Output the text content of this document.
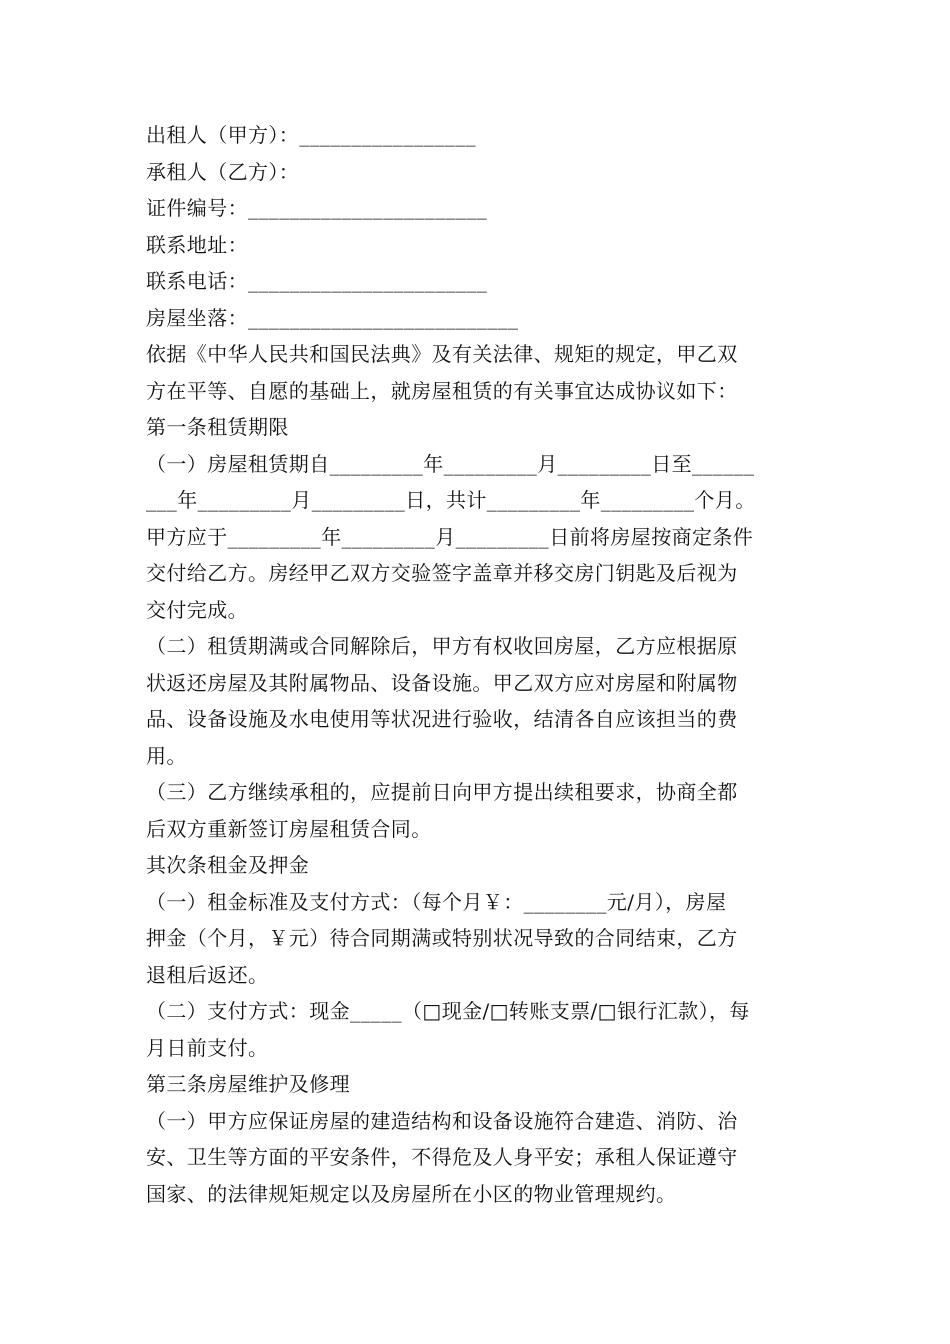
出租人（甲方）：_________________
承租人（乙方）：
证件编号：_______________________
联系地址：
联系电话：_______________________
房屋坐落：__________________________
依据《中华人民共和国民法典》及有关法律、规矩的规定，甲乙双
方在平等、自愿的基础上，就房屋租赁的有关事宜达成协议如下：
第一条租赁期限
（一）房屋租赁期自_________年_________月_________日至______
___年_________月_________日，共计_________年_________个月。
甲方应于_________年_________月_________日前将房屋按商定条件
交付给乙方。房经甲乙双方交验签字盖章并移交房门钥匙及后视为
交付完成。
（二）租赁期满或合同解除后，甲方有权收回房屋，乙方应根据原
状返还房屋及其附属物品、设备设施。甲乙双方应对房屋和附属物
品、设备设施及水电使用等状况进行验收，结清各自应该担当的费
用。
（三）乙方继续承租的，应提前日向甲方提出续租要求，协商全都
后双方重新签订房屋租赁合同。
其次条租金及押金
（一）租金标准及支付方式：（每个月￥：________元/月），房屋
押金（个月，￥元）待合同期满或特别状况导致的合同结束，乙方
退租后返还。
（二）支付方式：现金_____（□现金/□转账支票/□银行汇款），每
月日前支付。
第三条房屋维护及修理
（一）甲方应保证房屋的建造结构和设备设施符合建造、消防、治
安、卫生等方面的平安条件，不得危及人身平安；承租人保证遵守
国家、的法律规矩规定以及房屋所在小区的物业管理规约。
